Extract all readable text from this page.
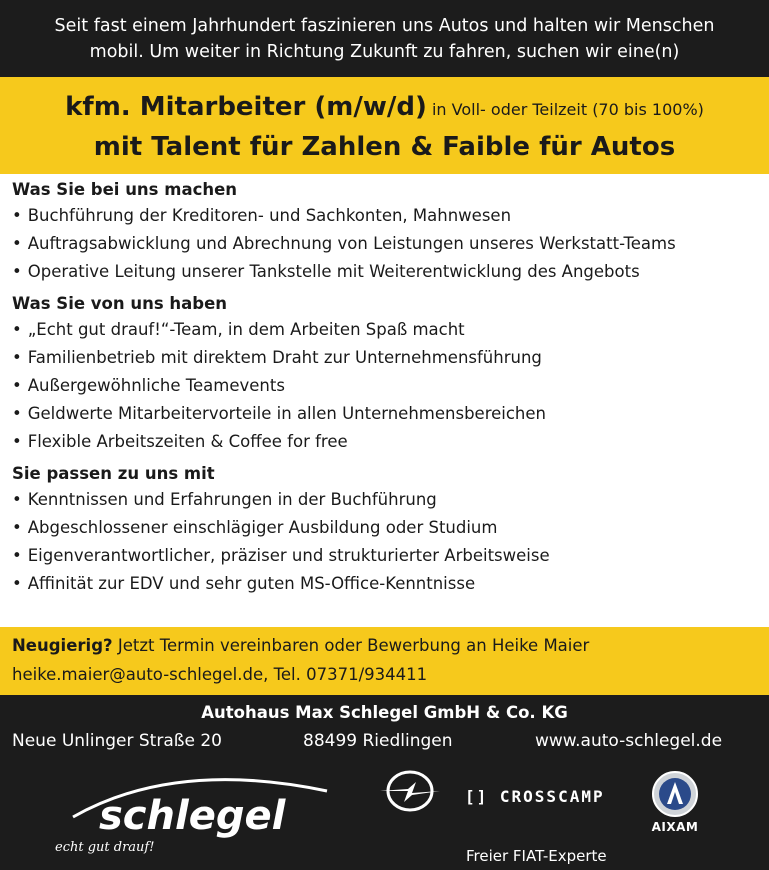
Seit fast einem Jahrhundert faszinieren uns Autos und halten wir Menschen
mobil. Um weiter in Richtung Zukunft zu fahren, suchen wir eine(n)
kfm. Mitarbeiter (m/w/d) in Voll- oder Teilzeit (70 bis 100%)
mit Talent für Zahlen & Faible für Autos

Was Sie bei uns machen

• Buchführung der Kreditoren- und Sachkonten, Mahnwesen

• Auftragsabwicklung und Abrechnung von Leistungen unseres Werkstatt-Teams

• Operative Leitung unserer Tankstelle mit Weiterentwicklung des Angebots

Was Sie von uns haben

• „Echt gut drauf!“-Team, in dem Arbeiten Spaß macht

• Familienbetrieb mit direktem Draht zur Unternehmensführung

• Außergewöhnliche Teamevents

• Geldwerte Mitarbeitervorteile in allen Unternehmensbereichen

• Flexible Arbeitszeiten & Coffee for free

Sie passen zu uns mit

• Kenntnissen und Erfahrungen in der Buchführung

• Abgeschlossener einschlägiger Ausbildung oder Studium

• Eigenverantwortlicher, präziser und strukturierter Arbeitsweise

• Affinität zur EDV und sehr guten MS-Office-Kenntnisse

Neugierig? Jetzt Termin vereinbaren oder Bewerbung an Heike Maier
heike.maier@auto-schlegel.de, Tel. 07371/934411
Autohaus Max Schlegel GmbH & Co. KG
Neue Unlinger Straße 20	88499 Riedlingen	www.auto-schlegel.de
schlegel
echt gut drauf!
[] CROSSCAMP
AIXAM
Freier FIAT-Experte
